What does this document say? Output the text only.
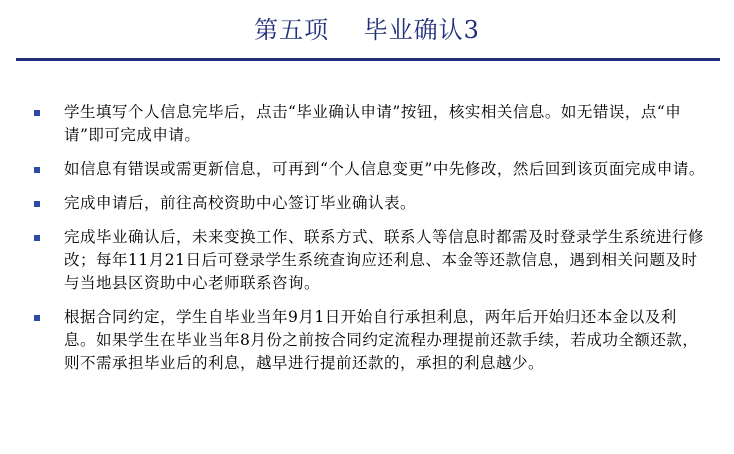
第五项    毕业确认3
学生填写个人信息完毕后，点击“毕业确认申请”按钮，核实相关信息。如无错误，点“申请”即可完成申请。
如信息有错误或需更新信息，可再到“个人信息变更”中先修改，然后回到该页面完成申请。
完成申请后，前往高校资助中心签订毕业确认表。
完成毕业确认后，未来变换工作、联系方式、联系人等信息时都需及时登录学生系统进行修改；每年11月21日后可登录学生系统查询应还利息、本金等还款信息，遇到相关问题及时与当地县区资助中心老师联系咨询。
根据合同约定，学生自毕业当年9月1日开始自行承担利息，两年后开始归还本金以及利息。如果学生在毕业当年8月份之前按合同约定流程办理提前还款手续，若成功全额还款，则不需承担毕业后的利息，越早进行提前还款的，承担的利息越少。
